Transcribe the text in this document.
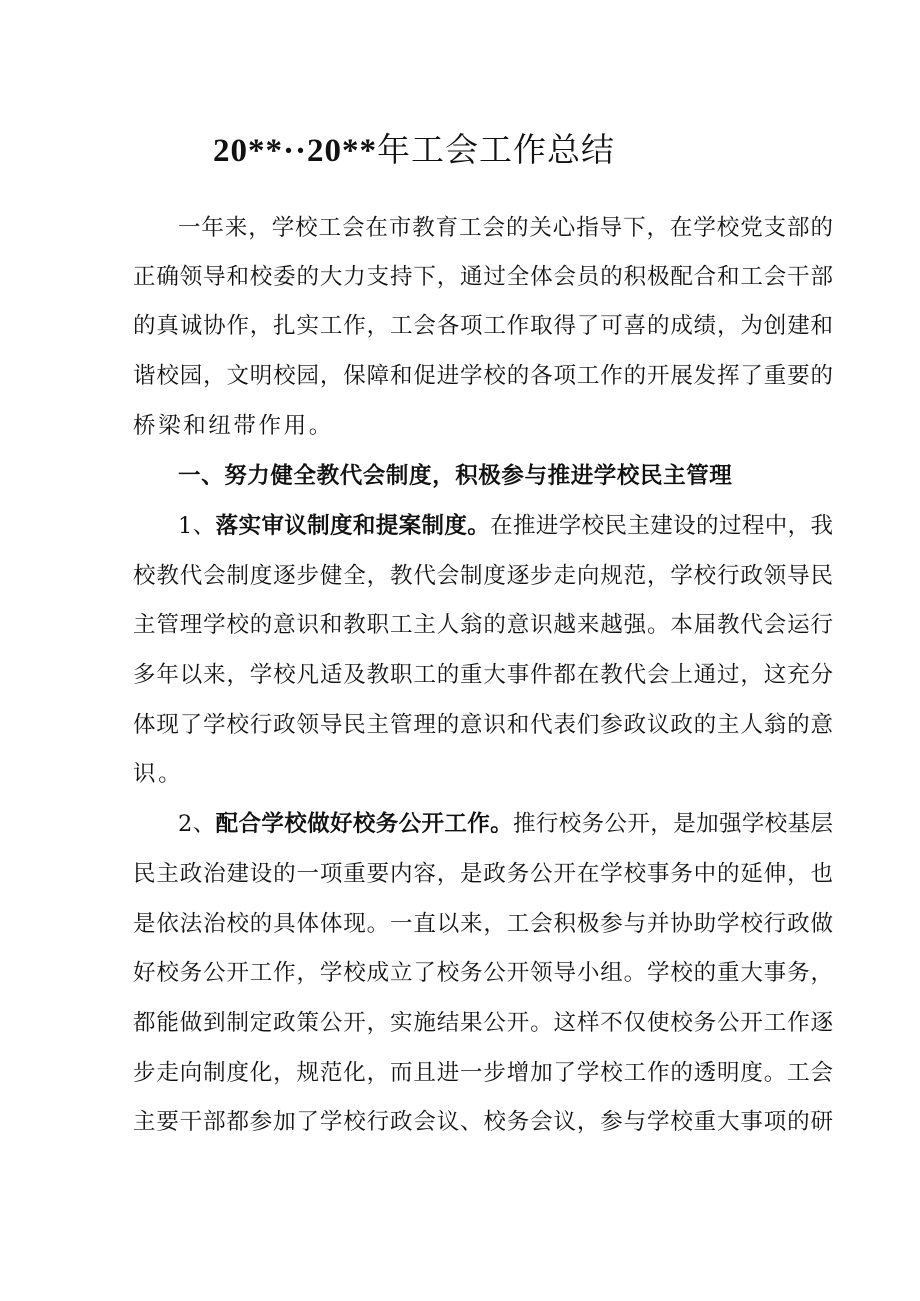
20**··20**年工会工作总结
一年来，学校工会在市教育工会的关心指导下，在学校党支部的
正确领导和校委的大力支持下，通过全体会员的积极配合和工会干部
的真诚协作，扎实工作，工会各项工作取得了可喜的成绩，为创建和
谐校园，文明校园，保障和促进学校的各项工作的开展发挥了重要的
桥梁和纽带作用。
一、努力健全教代会制度，积极参与推进学校民主管理
1、落实审议制度和提案制度。在推进学校民主建设的过程中，我
校教代会制度逐步健全，教代会制度逐步走向规范，学校行政领导民
主管理学校的意识和教职工主人翁的意识越来越强。本届教代会运行
多年以来，学校凡适及教职工的重大事件都在教代会上通过，这充分
体现了学校行政领导民主管理的意识和代表们参政议政的主人翁的意
识。
2、配合学校做好校务公开工作。推行校务公开，是加强学校基层
民主政治建设的一项重要内容，是政务公开在学校事务中的延伸，也
是依法治校的具体体现。一直以来，工会积极参与并协助学校行政做
好校务公开工作，学校成立了校务公开领导小组。学校的重大事务，
都能做到制定政策公开，实施结果公开。这样不仅使校务公开工作逐
步走向制度化，规范化，而且进一步增加了学校工作的透明度。工会
主要干部都参加了学校行政会议、校务会议，参与学校重大事项的研
